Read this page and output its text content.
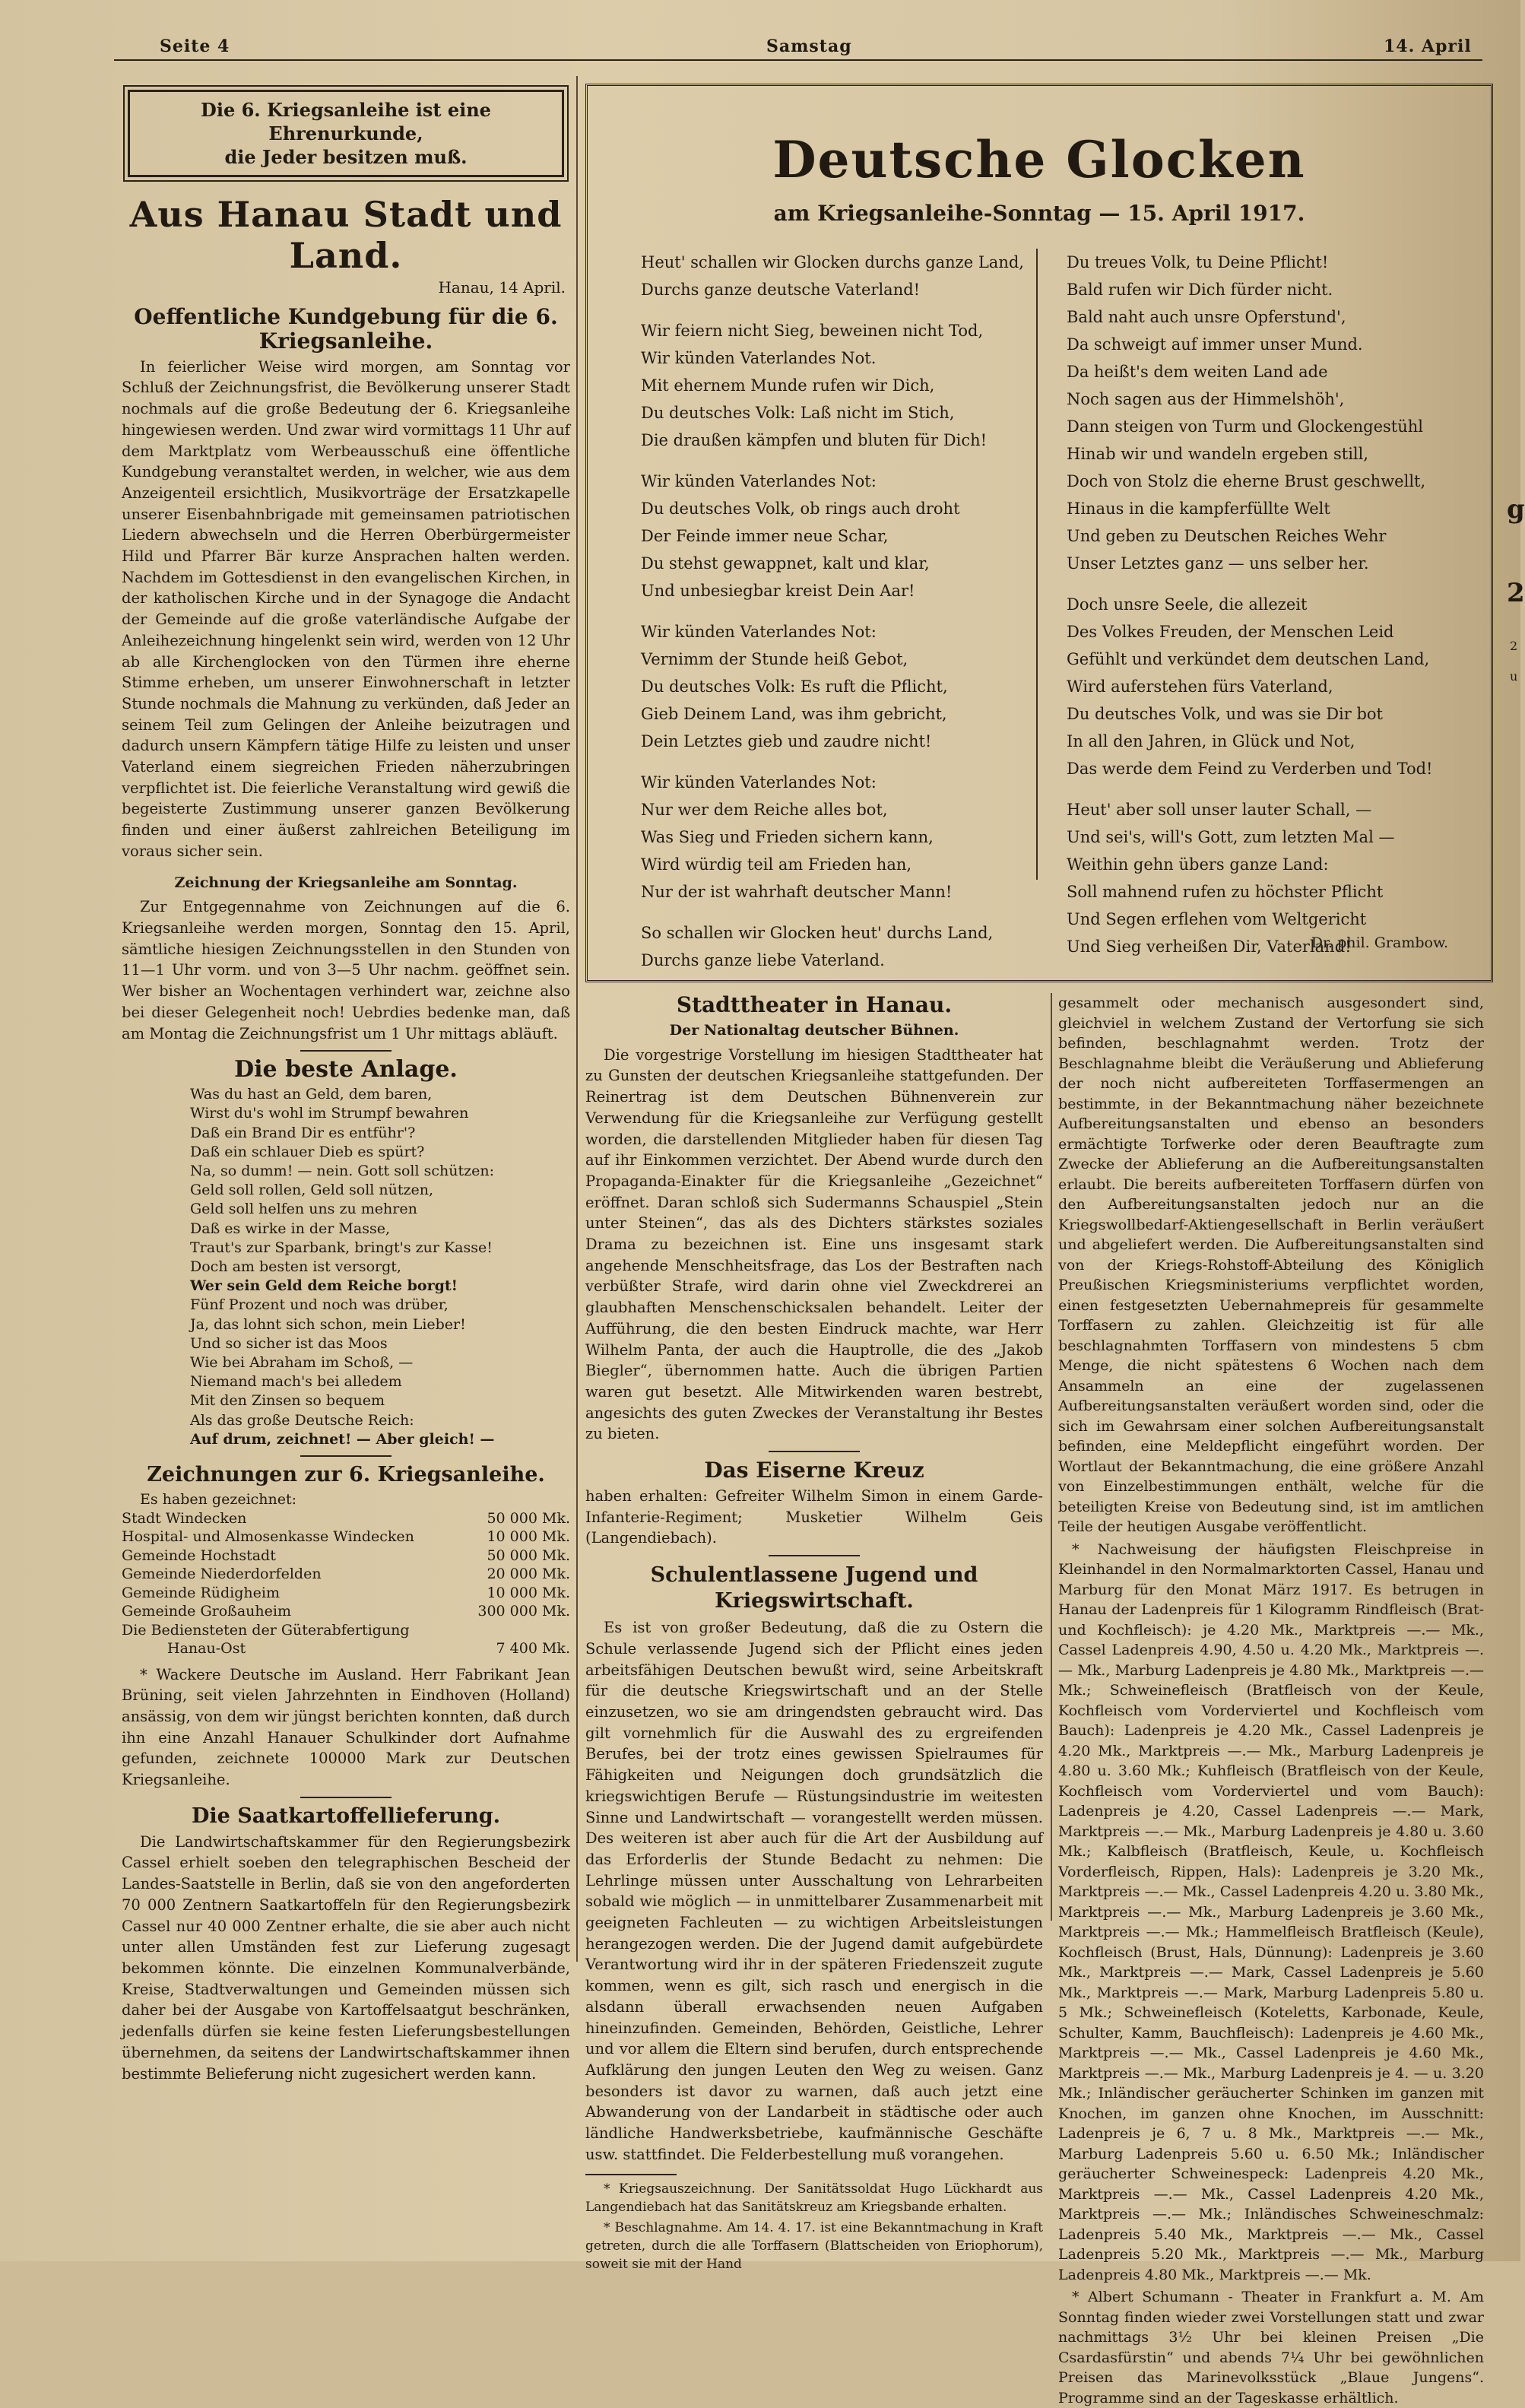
Seite 4	Samstag	14. April
Die 6. Kriegsanleihe ist eine Ehrenurkunde,
die Jeder besitzen muß.
Aus Hanau Stadt und Land.
Hanau, 14 April.
Oeffentliche Kundgebung für die 6. Kriegsanleihe.

In feierlicher Weise wird morgen, am Sonntag vor Schluß der Zeichnungsfrist, die Bevölkerung unserer Stadt nochmals auf die große Bedeutung der 6. Kriegsanleihe hingewiesen werden. Und zwar wird vormittags 11 Uhr auf dem Marktplatz vom Werbeausschuß eine öffentliche Kundgebung veranstaltet werden, in welcher, wie aus dem Anzeigenteil ersichtlich, Musikvorträge der Ersatzkapelle unserer Eisenbahnbrigade mit gemeinsamen patriotischen Liedern abwechseln und die Herren Oberbürgermeister Hild und Pfarrer Bär kurze Ansprachen halten werden. Nachdem im Gottesdienst in den evangelischen Kirchen, in der katholischen Kirche und in der Synagoge die Andacht der Gemeinde auf die große vaterländische Aufgabe der Anleihezeichnung hingelenkt sein wird, werden von 12 Uhr ab alle Kirchenglocken von den Türmen ihre eherne Stimme erheben, um unserer Einwohnerschaft in letzter Stunde nochmals die Mahnung zu verkünden, daß Jeder an seinem Teil zum Gelingen der Anleihe beizutragen und dadurch unsern Kämpfern tätige Hilfe zu leisten und unser Vaterland einem siegreichen Frieden näherzubringen verpflichtet ist. Die feierliche Veranstaltung wird gewiß die begeisterte Zustimmung unserer ganzen Bevölkerung finden und einer äußerst zahlreichen Beteiligung im voraus sicher sein.

Zeichnung der Kriegsanleihe am Sonntag.

Zur Entgegennahme von Zeichnungen auf die 6. Kriegsanleihe werden morgen, Sonntag den 15. April, sämtliche hiesigen Zeichnungsstellen in den Stunden von 11—1 Uhr vorm. und von 3—5 Uhr nachm. geöffnet sein. Wer bisher an Wochentagen verhindert war, zeichne also bei dieser Gelegenheit noch! Uebrdies bedenke man, daß am Montag die Zeichnungsfrist um 1 Uhr mittags abläuft.

Die beste Anlage.
Was du hast an Geld, dem baren,
Wirst du's wohl im Strumpf bewahren
Daß ein Brand Dir es entführ'?
Daß ein schlauer Dieb es spürt?
Na, so dumm! — nein. Gott soll schützen:
Geld soll rollen, Geld soll nützen,
Geld soll helfen uns zu mehren
Daß es wirke in der Masse,
Traut's zur Sparbank, bringt's zur Kasse!
Doch am besten ist versorgt,
Wer sein Geld dem Reiche borgt!
Fünf Prozent und noch was drüber,
Ja, das lohnt sich schon, mein Lieber!
Und so sicher ist das Moos
Wie bei Abraham im Schoß, —
Niemand mach's bei alledem
Mit den Zinsen so bequem
Als das große Deutsche Reich:
Auf drum, zeichnet! — Aber gleich! —
Zeichnungen zur 6. Kriegsanleihe.
Es haben gezeichnet:
Stadt Windecken	50 000 Mk.
Hospital- und Almosenkasse Windecken	10 000 Mk.
Gemeinde Hochstadt	50 000 Mk.
Gemeinde Niederdorfelden	20 000 Mk.
Gemeinde Rüdigheim	10 000 Mk.
Gemeinde Großauheim	300 000 Mk.
Die Bediensteten der Güterabfertigung
Hanau-Ost	7 400 Mk.

* Wackere Deutsche im Ausland. Herr Fabrikant Jean Brüning, seit vielen Jahrzehnten in Eindhoven (Holland) ansässig, von dem wir jüngst berichten konnten, daß durch ihn eine Anzahl Hanauer Schulkinder dort Aufnahme gefunden, zeichnete 100000 Mark zur Deutschen Kriegsanleihe.

Die Saatkartoffellieferung.

Die Landwirtschaftskammer für den Regierungsbezirk Cassel erhielt soeben den telegraphischen Bescheid der Landes-Saatstelle in Berlin, daß sie von den angeforderten 70 000 Zentnern Saatkartoffeln für den Regierungsbezirk Cassel nur 40 000 Zentner erhalte, die sie aber auch nicht unter allen Umständen fest zur Lieferung zugesagt bekommen könnte. Die einzelnen Kommunalverbände, Kreise, Stadtverwaltungen und Gemeinden müssen sich daher bei der Ausgabe von Kartoffelsaatgut beschränken, jedenfalls dürfen sie keine festen Lieferungsbestellungen übernehmen, da seitens der Landwirtschaftskammer ihnen bestimmte Belieferung nicht zugesichert werden kann.

Deutsche Glocken
am Kriegsanleihe-Sonntag — 15. April 1917.
Heut' schallen wir Glocken durchs ganze Land,
Durchs ganze deutsche Vaterland!
Wir feiern nicht Sieg, beweinen nicht Tod,
Wir künden Vaterlandes Not.
Mit ehernem Munde rufen wir Dich,
Du deutsches Volk: Laß nicht im Stich,
Die draußen kämpfen und bluten für Dich!
Wir künden Vaterlandes Not:
Du deutsches Volk, ob rings auch droht
Der Feinde immer neue Schar,
Du stehst gewappnet, kalt und klar,
Und unbesiegbar kreist Dein Aar!
Wir künden Vaterlandes Not:
Vernimm der Stunde heiß Gebot,
Du deutsches Volk: Es ruft die Pflicht,
Gieb Deinem Land, was ihm gebricht,
Dein Letztes gieb und zaudre nicht!
Wir künden Vaterlandes Not:
Nur wer dem Reiche alles bot,
Was Sieg und Frieden sichern kann,
Wird würdig teil am Frieden han,
Nur der ist wahrhaft deutscher Mann!
So schallen wir Glocken heut' durchs Land,
Durchs ganze liebe Vaterland.
Du treues Volk, tu Deine Pflicht!
Bald rufen wir Dich fürder nicht.
Bald naht auch unsre Opferstund',
Da schweigt auf immer unser Mund.
Da heißt's dem weiten Land ade
Noch sagen aus der Himmelshöh',
Dann steigen von Turm und Glockengestühl
Hinab wir und wandeln ergeben still,
Doch von Stolz die eherne Brust geschwellt,
Hinaus in die kampferfüllte Welt
Und geben zu Deutschen Reiches Wehr
Unser Letztes ganz — uns selber her.
Doch unsre Seele, die allezeit
Des Volkes Freuden, der Menschen Leid
Gefühlt und verkündet dem deutschen Land,
Wird auferstehen fürs Vaterland,
Du deutsches Volk, und was sie Dir bot
In all den Jahren, in Glück und Not,
Das werde dem Feind zu Verderben und Tod!
Heut' aber soll unser lauter Schall, —
Und sei's, will's Gott, zum letzten Mal —
Weithin gehn übers ganze Land:
Soll mahnend rufen zu höchster Pflicht
Und Segen erflehen vom Weltgericht
Und Sieg verheißen Dir, Vaterland!
Dr. phil. Grambow.
Stadttheater in Hanau.
Der Nationaltag deutscher Bühnen.

Die vorgestrige Vorstellung im hiesigen Stadttheater hat zu Gunsten der deutschen Kriegsanleihe stattgefunden. Der Reinertrag ist dem Deutschen Bühnenverein zur Verwendung für die Kriegsanleihe zur Verfügung gestellt worden, die darstellenden Mitglieder haben für diesen Tag auf ihr Einkommen verzichtet. Der Abend wurde durch den Propaganda-Einakter für die Kriegsanleihe „Gezeichnet“ eröffnet. Daran schloß sich Sudermanns Schauspiel „Stein unter Steinen“, das als des Dichters stärkstes soziales Drama zu bezeichnen ist. Eine uns insgesamt stark angehende Menschheitsfrage, das Los der Bestraften nach verbüßter Strafe, wird darin ohne viel Zweckdrerei an glaubhaften Menschenschicksalen behandelt. Leiter der Aufführung, die den besten Eindruck machte, war Herr Wilhelm Panta, der auch die Hauptrolle, die des „Jakob Biegler“, übernommen hatte. Auch die übrigen Partien waren gut besetzt. Alle Mitwirkenden waren bestrebt, angesichts des guten Zweckes der Veranstaltung ihr Bestes zu bieten.

Das Eiserne Kreuz

haben erhalten: Gefreiter Wilhelm Simon in einem Garde-Infanterie-Regiment; Musketier Wilhelm Geis (Langendiebach).

Schulentlassene Jugend und Kriegswirtschaft.

Es ist von großer Bedeutung, daß die zu Ostern die Schule verlassende Jugend sich der Pflicht eines jeden arbeitsfähigen Deutschen bewußt wird, seine Arbeitskraft für die deutsche Kriegswirtschaft und an der Stelle einzusetzen, wo sie am dringendsten gebraucht wird. Das gilt vornehmlich für die Auswahl des zu ergreifenden Berufes, bei der trotz eines gewissen Spielraumes für Fähigkeiten und Neigungen doch grundsätzlich die kriegswichtigen Berufe — Rüstungsindustrie im weitesten Sinne und Landwirtschaft — vorangestellt werden müssen. Des weiteren ist aber auch für die Art der Ausbildung auf das Erforderlis der Stunde Bedacht zu nehmen: Die Lehrlinge müssen unter Ausschaltung von Lehrarbeiten sobald wie möglich — in unmittelbarer Zusammenarbeit mit geeigneten Fachleuten — zu wichtigen Arbeitsleistungen herangezogen werden. Die der Jugend damit aufgebürdete Verantwortung wird ihr in der späteren Friedenszeit zugute kommen, wenn es gilt, sich rasch und energisch in die alsdann überall erwachsenden neuen Aufgaben hineinzufinden. Gemeinden, Behörden, Geistliche, Lehrer und vor allem die Eltern sind berufen, durch entsprechende Aufklärung den jungen Leuten den Weg zu weisen. Ganz besonders ist davor zu warnen, daß auch jetzt eine Abwanderung von der Landarbeit in städtische oder auch ländliche Handwerksbetriebe, kaufmännische Geschäfte usw. stattfindet. Die Felderbestellung muß vorangehen.

* Kriegsauszeichnung. Der Sanitätssoldat Hugo Lückhardt aus Langendiebach hat das Sanitätskreuz am Kriegsbande erhalten.

* Beschlagnahme. Am 14. 4. 17. ist eine Bekanntmachung in Kraft getreten, durch die alle Torffasern (Blattscheiden von Eriophorum), soweit sie mit der Hand

gesammelt oder mechanisch ausgesondert sind, gleichviel in welchem Zustand der Vertorfung sie sich befinden, beschlagnahmt werden. Trotz der Beschlagnahme bleibt die Veräußerung und Ablieferung der noch nicht aufbereiteten Torffasermengen an bestimmte, in der Bekanntmachung näher bezeichnete Aufbereitungsanstalten und ebenso an besonders ermächtigte Torfwerke oder deren Beauftragte zum Zwecke der Ablieferung an die Aufbereitungsanstalten erlaubt. Die bereits aufbereiteten Torffasern dürfen von den Aufbereitungsanstalten jedoch nur an die Kriegswollbedarf-Aktiengesellschaft in Berlin veräußert und abgeliefert werden. Die Aufbereitungsanstalten sind von der Kriegs-Rohstoff-Abteilung des Königlich Preußischen Kriegsministeriums verpflichtet worden, einen festgesetzten Uebernahmepreis für gesammelte Torffasern zu zahlen. Gleichzeitig ist für alle beschlagnahmten Torffasern von mindestens 5 cbm Menge, die nicht spätestens 6 Wochen nach dem Ansammeln an eine der zugelassenen Aufbereitungsanstalten veräußert worden sind, oder die sich im Gewahrsam einer solchen Aufbereitungsanstalt befinden, eine Meldepflicht eingeführt worden. Der Wortlaut der Bekanntmachung, die eine größere Anzahl von Einzelbestimmungen enthält, welche für die beteiligten Kreise von Bedeutung sind, ist im amtlichen Teile der heutigen Ausgabe veröffentlicht.

* Nachweisung der häufigsten Fleischpreise in Kleinhandel in den Normalmarktorten Cassel, Hanau und Marburg für den Monat März 1917. Es betrugen in Hanau der Ladenpreis für 1 Kilogramm Rindfleisch (Brat- und Kochfleisch): je 4.20 Mk., Marktpreis —.— Mk., Cassel Ladenpreis 4.90, 4.50 u. 4.20 Mk., Marktpreis —.— Mk., Marburg Ladenpreis je 4.80 Mk., Marktpreis —.— Mk.; Schweinefleisch (Bratfleisch von der Keule, Kochfleisch vom Vorderviertel und Kochfleisch vom Bauch): Ladenpreis je 4.20 Mk., Cassel Ladenpreis je 4.20 Mk., Marktpreis —.— Mk., Marburg Ladenpreis je 4.80 u. 3.60 Mk.; Kuhfleisch (Bratfleisch von der Keule, Kochfleisch vom Vorderviertel und vom Bauch): Ladenpreis je 4.20, Cassel Ladenpreis —.— Mark, Marktpreis —.— Mk., Marburg Ladenpreis je 4.80 u. 3.60 Mk.; Kalbfleisch (Bratfleisch, Keule, u. Kochfleisch Vorderfleisch, Rippen, Hals): Ladenpreis je 3.20 Mk., Marktpreis —.— Mk., Cassel Ladenpreis 4.20 u. 3.80 Mk., Marktpreis —.— Mk., Marburg Ladenpreis je 3.60 Mk., Marktpreis —.— Mk.; Hammelfleisch Bratfleisch (Keule), Kochfleisch (Brust, Hals, Dünnung): Ladenpreis je 3.60 Mk., Marktpreis —.— Mark, Cassel Ladenpreis je 5.60 Mk., Marktpreis —.— Mark, Marburg Ladenpreis 5.80 u. 5 Mk.; Schweinefleisch (Koteletts, Karbonade, Keule, Schulter, Kamm, Bauchfleisch): Ladenpreis je 4.60 Mk., Marktpreis —.— Mk., Cassel Ladenpreis je 4.60 Mk., Marktpreis —.— Mk., Marburg Ladenpreis je 4. — u. 3.20 Mk.; Inländischer geräucherter Schinken im ganzen mit Knochen, im ganzen ohne Knochen, im Ausschnitt: Ladenpreis je 6, 7 u. 8 Mk., Marktpreis —.— Mk., Marburg Ladenpreis 5.60 u. 6.50 Mk.; Inländischer geräucherter Schweinespeck: Ladenpreis 4.20 Mk., Marktpreis —.— Mk., Cassel Ladenpreis 4.20 Mk., Marktpreis —.— Mk.; Inländisches Schweineschmalz: Ladenpreis 5.40 Mk., Marktpreis —.— Mk., Cassel Ladenpreis 5.20 Mk., Marktpreis —.— Mk., Marburg Ladenpreis 4.80 Mk., Marktpreis —.— Mk.

* Albert Schumann - Theater in Frankfurt a. M. Am Sonntag finden wieder zwei Vorstellungen statt und zwar nachmittags 3½ Uhr bei kleinen Preisen „Die Csardasfürstin“ und abends 7¼ Uhr bei gewöhnlichen Preisen das Marinevolksstück „Blaue Jungens“. Programme sind an der Tageskasse erhältlich.

g
2
2
u
